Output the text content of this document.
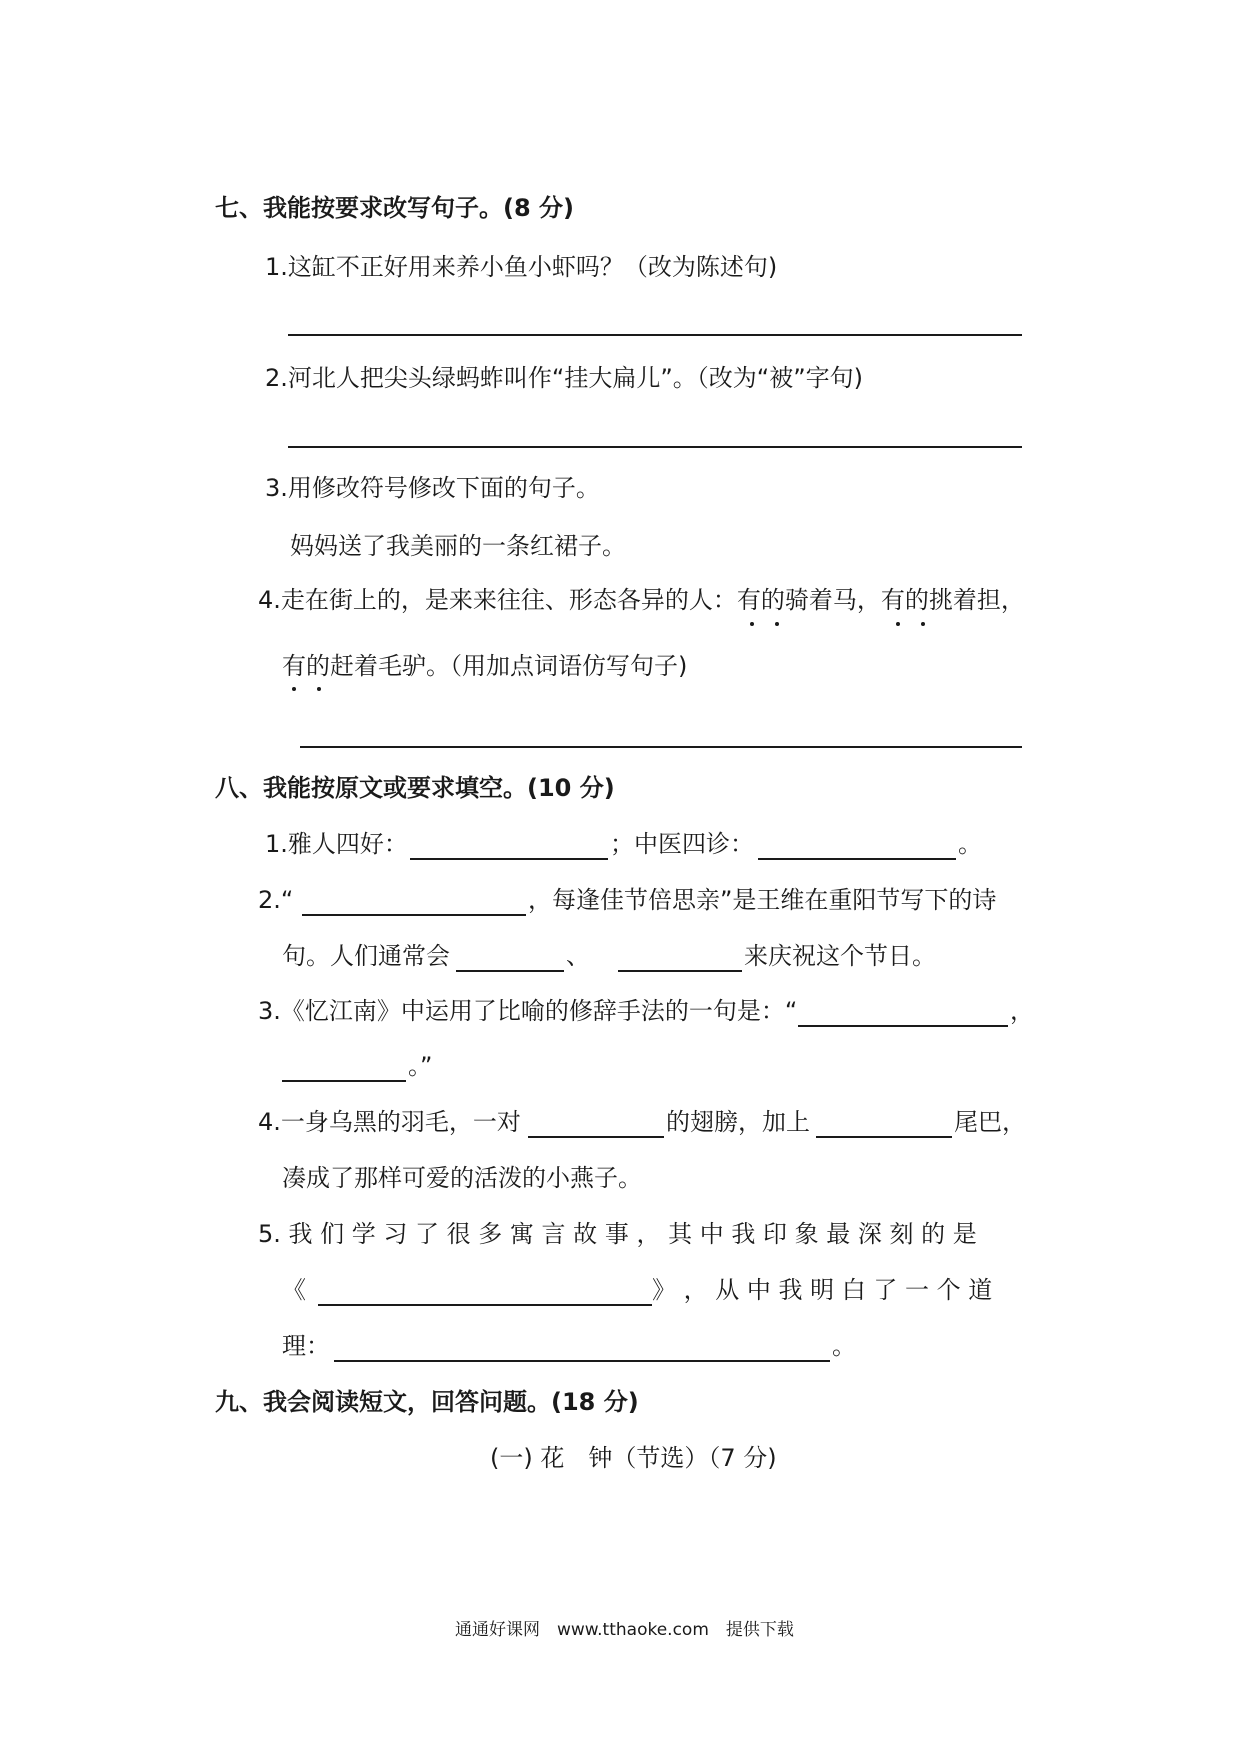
七、我能按要求改写句子。(8 分)
1.这缸不正好用来养小鱼小虾吗？（改为陈述句)
2.河北人把尖头绿蚂蚱叫作“挂大扁儿”。（改为“被”字句)
3.用修改符号修改下面的句子。
妈妈送了我美丽的一条红裙子。
4.走在街上的，是来来往往、形态各异的人：有的骑着马，有的挑着担，
有的赶着毛驴。（用加点词语仿写句子)
八、我能按原文或要求填空。(10 分)
1.雅人四好：	；中医四诊：	。
2.“	，每逢佳节倍思亲”是王维在重阳节写下的诗
句。人们通常会	、	来庆祝这个节日。
3.《忆江南》中运用了比喻的修辞手法的一句是：“	，
。”
4.一身乌黑的羽毛，一对	的翅膀，加上	尾巴，
凑成了那样可爱的活泼的小燕子。
5. 我 们 学 习 了 很 多 寓 言 故 事 ， 其 中 我 印 象 最 深 刻 的 是
《	》 ， 从 中 我 明 白 了 一 个 道
理：	。
九、我会阅读短文，回答问题。(18 分)
(一) 花　钟（节选）（7 分)
通通好课网　www.tthaoke.com　提供下载
